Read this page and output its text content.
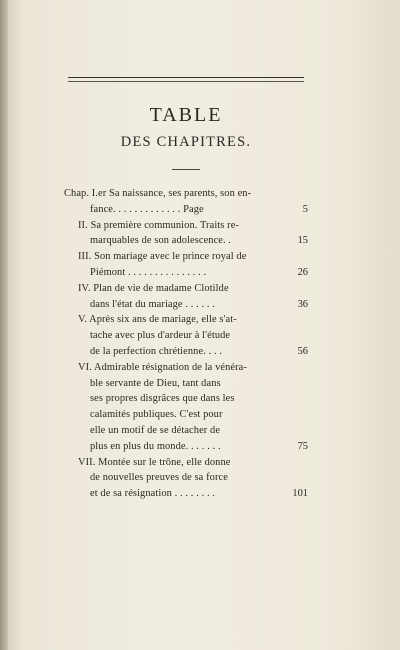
TABLE
DES CHAPITRES.
Chap. I.er Sa naissance, ses parents, son en-
fance. . . . . . . . . . . . . Page	5
II. Sa première communion. Traits re-
marquables de son adolescence. .	15
III. Son mariage avec le prince royal de
Piémont . . . . . . . . . . . . . . .	26
IV. Plan de vie de madame Clotilde
dans l'état du mariage . . . . . .	36
V. Après six ans de mariage, elle s'at-
tache avec plus d'ardeur à l'étude
de la perfection chrétienne. . . .	56
VI. Admirable résignation de la vénéra-
ble servante de Dieu, tant dans
ses propres disgrâces que dans les
calamités publiques. C'est pour
elle un motif de se détacher de
plus en plus du monde. . . . . . .	75
VII. Montée sur le trône, elle donne
de nouvelles preuves de sa force
et de sa résignation . . . . . . . .	101
